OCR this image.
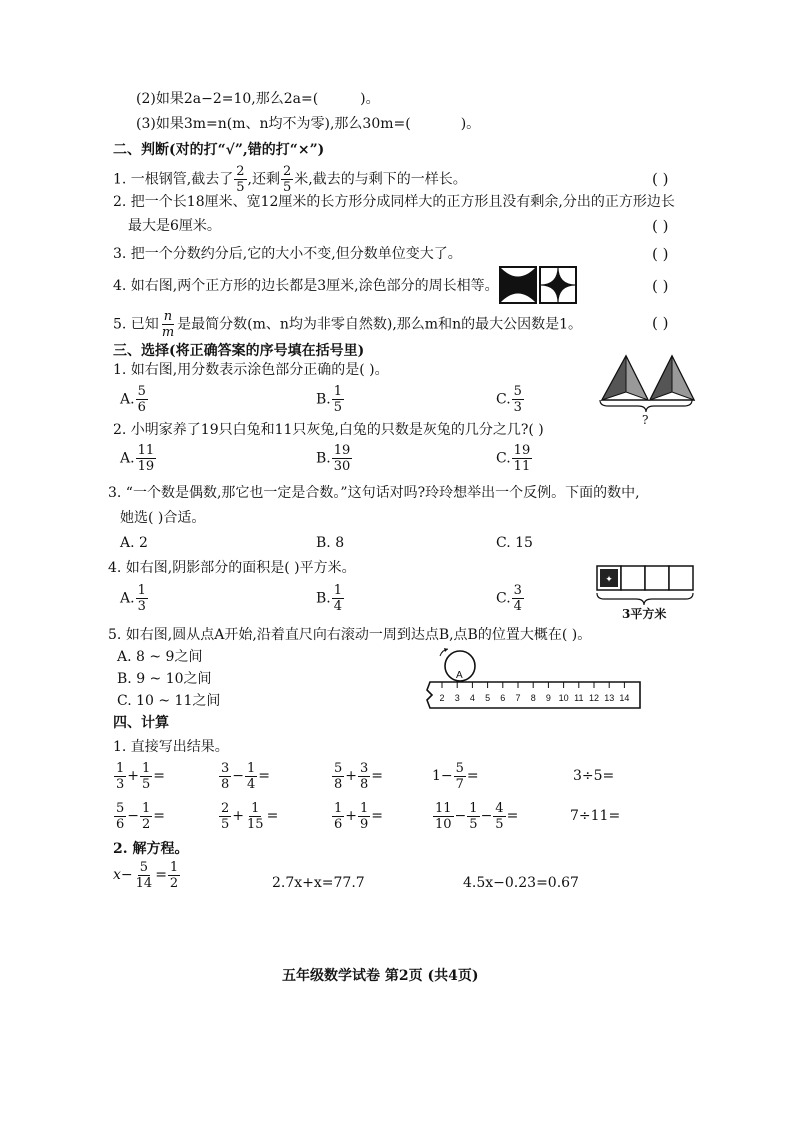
(2)如果2a−2=10,那么2a=(	)。
(3)如果3m=n(m、n均不为零),那么30m=(	)。
二、判断(对的打“√”,错的打“×”)
1. 一根钢管,截去了 $\frac{2}{5}$ ,还剩 $\frac{2}{5}$ 米,截去的与剩下的一样长。	( )
2. 把一个长18厘米、宽12厘米的长方形分成同样大的正方形且没有剩余,分出的正方形边长
最大是6厘米。	( )
3. 把一个分数约分后,它的大小不变,但分数单位变大了。	( )
4. 如右图,两个正方形的边长都是3厘米,涂色部分的周长相等。	( )
5. 已知 $\frac{n}{m}$ 是最简分数(m、n均为非零自然数),那么m和n的最大公因数是1。	( )
三、选择(将正确答案的序号填在括号里)
1. 如右图,用分数表示涂色部分正确的是( )。
?
A. $\frac{5}{6}$	B. $\frac{1}{5}$	C. $\frac{5}{3}$
2. 小明家养了19只白兔和11只灰兔,白兔的只数是灰兔的几分之几?( )
A. $\frac{11}{19}$	B. $\frac{19}{30}$	C. $\frac{19}{11}$
3. “一个数是偶数,那它也一定是合数。”这句话对吗?玲玲想举出一个反例。下面的数中,
她选( )合适。
A. 2	B. 8	C. 15
4. 如右图,阴影部分的面积是( )平方米。
✦
3平方米
A. $\frac{1}{3}$	B. $\frac{1}{4}$	C. $\frac{3}{4}$
5. 如右图,圆从点A开始,沿着直尺向右滚动一周到达点B,点B的位置大概在( )。
A. 8 ~ 9之间
B. 9 ~ 10之间
C. 10 ~ 11之间	2 3 4 5 6 7 8 9 10 11 12 13 14
A
四、计算
1. 直接写出结果。
$\frac{1}{3} + \frac{1}{5}$ =	$\frac{3}{8} - \frac{1}{4}$ =	$\frac{5}{8} + \frac{3}{8}$ =	$1- \frac{5}{7}$ =	3÷5=
$\frac{5}{6} - \frac{1}{2}$ =	$\frac{2}{5} + \frac{1}{15}$ =	$\frac{1}{6} + \frac{1}{9}$ =	$\frac{11}{10} - \frac{1}{5} - \frac{4}{5}$ =	7÷11=
2. 解方程。
$x- \frac{5}{14} = \frac{1}{2}$	2.7x+x=77.7	4.5x−0.23=0.67
五年级数学试卷 第2页 (共4页)
